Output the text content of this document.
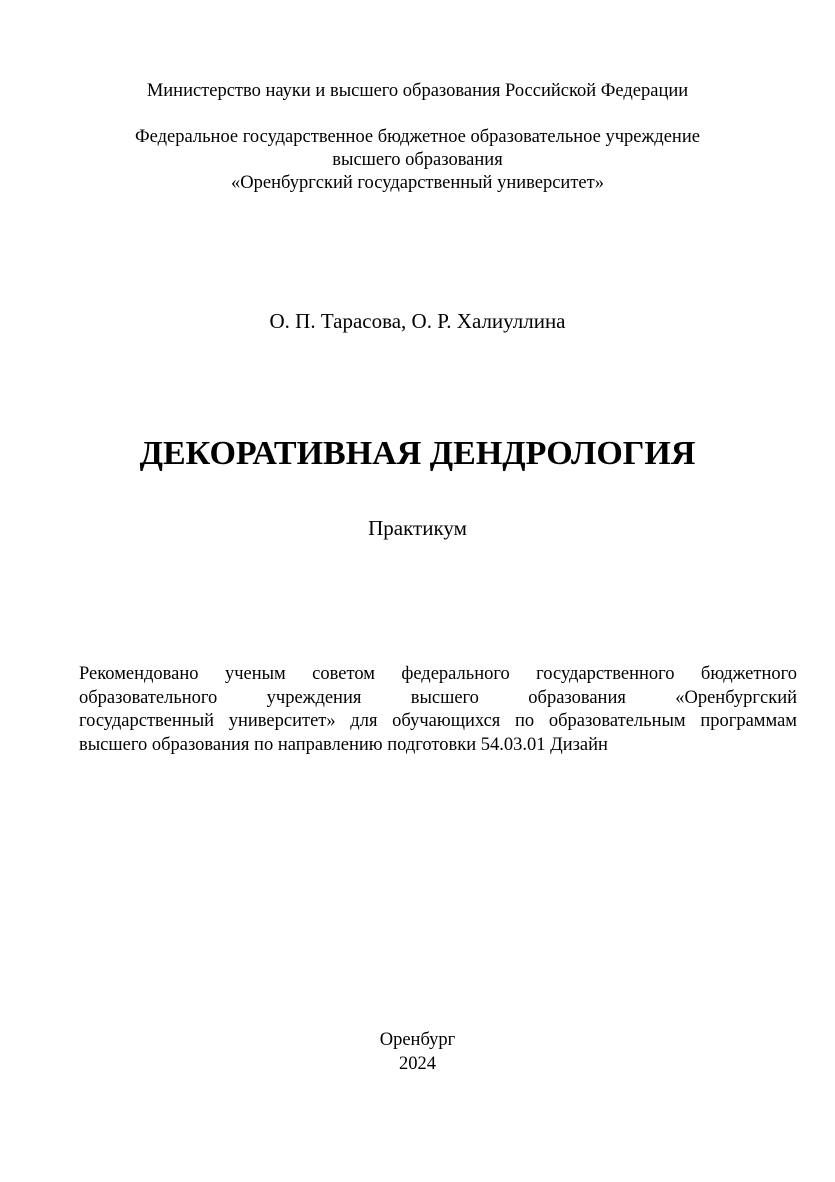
Министерство науки и высшего образования Российской Федерации
Федеральное государственное бюджетное образовательное учреждение
высшего образования
«Оренбургский государственный университет»
О. П. Тарасова, О. Р. Халиуллина
ДЕКОРАТИВНАЯ ДЕНДРОЛОГИЯ
Практикум
Рекомендовано ученым советом федерального государственного бюджетного
образовательного учреждения высшего образования «Оренбургский
государственный университет» для обучающихся по образовательным программам
высшего образования по направлению подготовки 54.03.01 Дизайн
Оренбург
2024
